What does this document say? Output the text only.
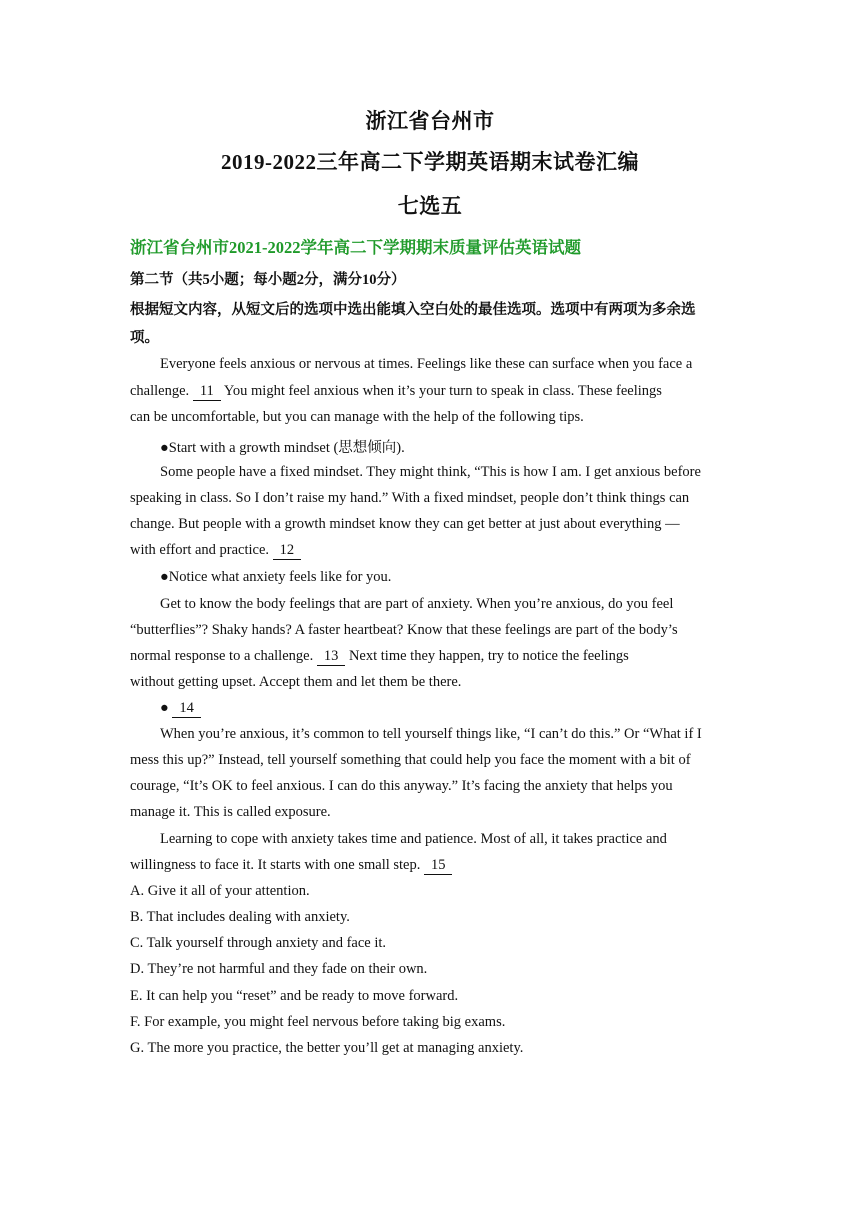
浙江省台州市
2019-2022三年高二下学期英语期末试卷汇编
七选五
浙江省台州市2021-2022学年高二下学期期末质量评估英语试题
第二节（共5小题；每小题2分，满分10分）
根据短文内容，从短文后的选项中选出能填入空白处的最佳选项。选项中有两项为多余选
项。
Everyone feels anxious or nervous at times. Feelings like these can surface when you face a
challenge. 11 You might feel anxious when it’s your turn to speak in class. These feelings
can be uncomfortable, but you can manage with the help of the following tips.
●Start with a growth mindset (思想倾向).
Some people have a fixed mindset. They might think, “This is how I am. I get anxious before
speaking in class. So I don’t raise my hand.” With a fixed mindset, people don’t think things can
change. But people with a growth mindset know they can get better at just about everything —
with effort and practice. 12
●Notice what anxiety feels like for you.
Get to know the body feelings that are part of anxiety. When you’re anxious, do you feel
“butterflies”? Shaky hands? A faster heartbeat? Know that these feelings are part of the body’s
normal response to a challenge. 13 Next time they happen, try to notice the feelings
without getting upset. Accept them and let them be there.
● 14
When you’re anxious, it’s common to tell yourself things like, “I can’t do this.” Or “What if I
mess this up?” Instead, tell yourself something that could help you face the moment with a bit of
courage, “It’s OK to feel anxious. I can do this anyway.” It’s facing the anxiety that helps you
manage it. This is called exposure.
Learning to cope with anxiety takes time and patience. Most of all, it takes practice and
willingness to face it. It starts with one small step. 15
A. Give it all of your attention.
B. That includes dealing with anxiety.
C. Talk yourself through anxiety and face it.
D. They’re not harmful and they fade on their own.
E. It can help you “reset” and be ready to move forward.
F. For example, you might feel nervous before taking big exams.
G. The more you practice, the better you’ll get at managing anxiety.
